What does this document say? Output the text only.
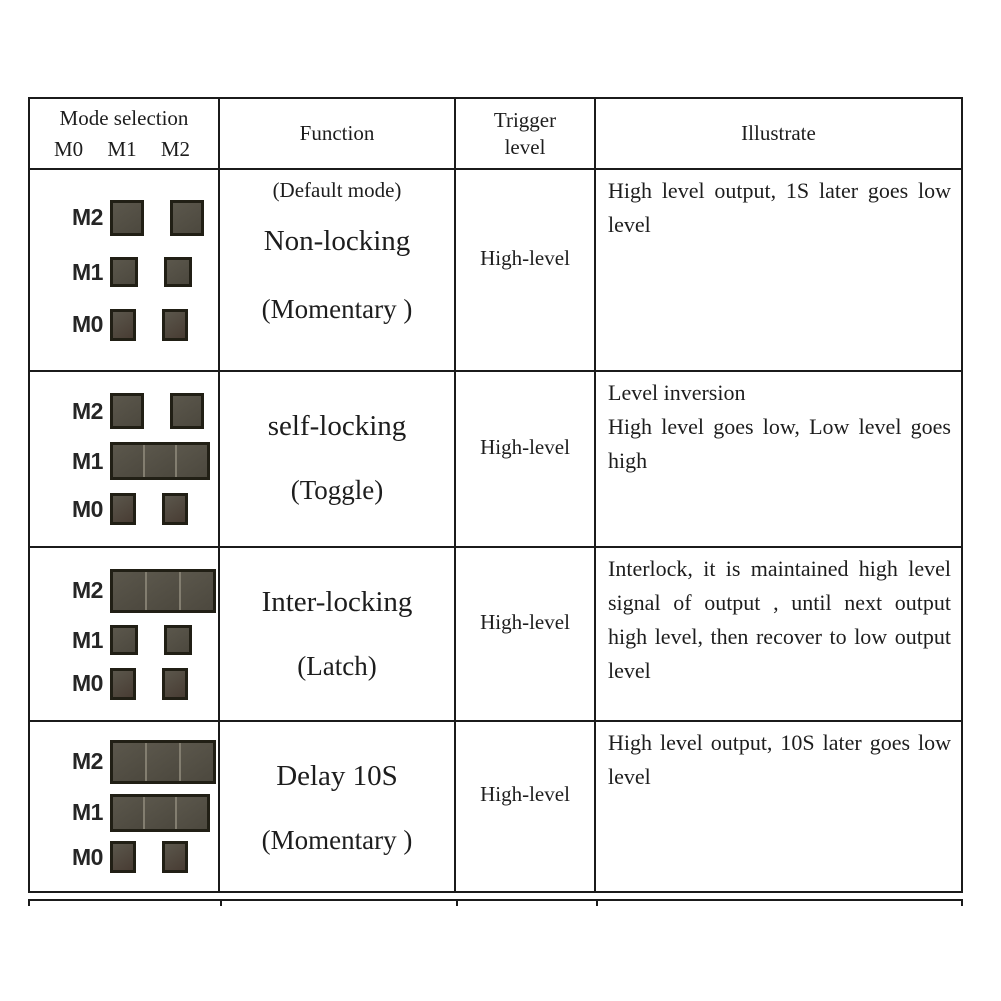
Mode selection
M0 M1 M2
Function
Trigger
level
Illustrate
M2
M1
M0
(Default mode)
Non-locking
(Momentary )
High-level
High level output, 1S later goes low level
M2
M1
M0
self-locking
(Toggle)
High-level
Level inversion
High level goes low, Low level goes high
M2
M1
M0
Inter-locking
(Latch)
High-level
Interlock, it is maintained high level signal of output , until next output high level, then recover to low output level
M2
M1
M0
Delay 10S
(Momentary )
High-level
High level output, 10S later goes low level
